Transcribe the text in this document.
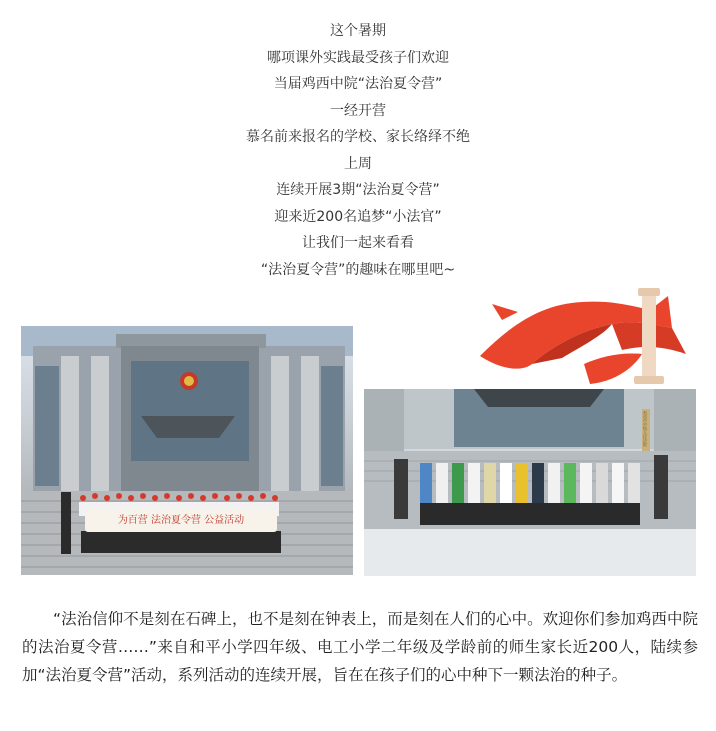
这个暑期
哪项课外实践最受孩子们欢迎
当届鸡西中院“法治夏令营”
一经开营
慕名前来报名的学校、家长络绎不绝
上周
连续开展3期“法治夏令营”
迎来近200名追梦“小法官”
让我们一起来看看
“法治夏令营”的趣味在哪里吧~
为百营 法治夏令营 公益活动
鸡西市中级人民法院

“法治信仰不是刻在石碑上，也不是刻在钟表上，而是刻在人们的心中。欢迎你们参加鸡西中院的法治夏令营……”来自和平小学四年级、电工小学二年级及学龄前的师生家长近200人，陆续参加“法治夏令营”活动，系列活动的连续开展，旨在在孩子们的心中种下一颗法治的种子。
